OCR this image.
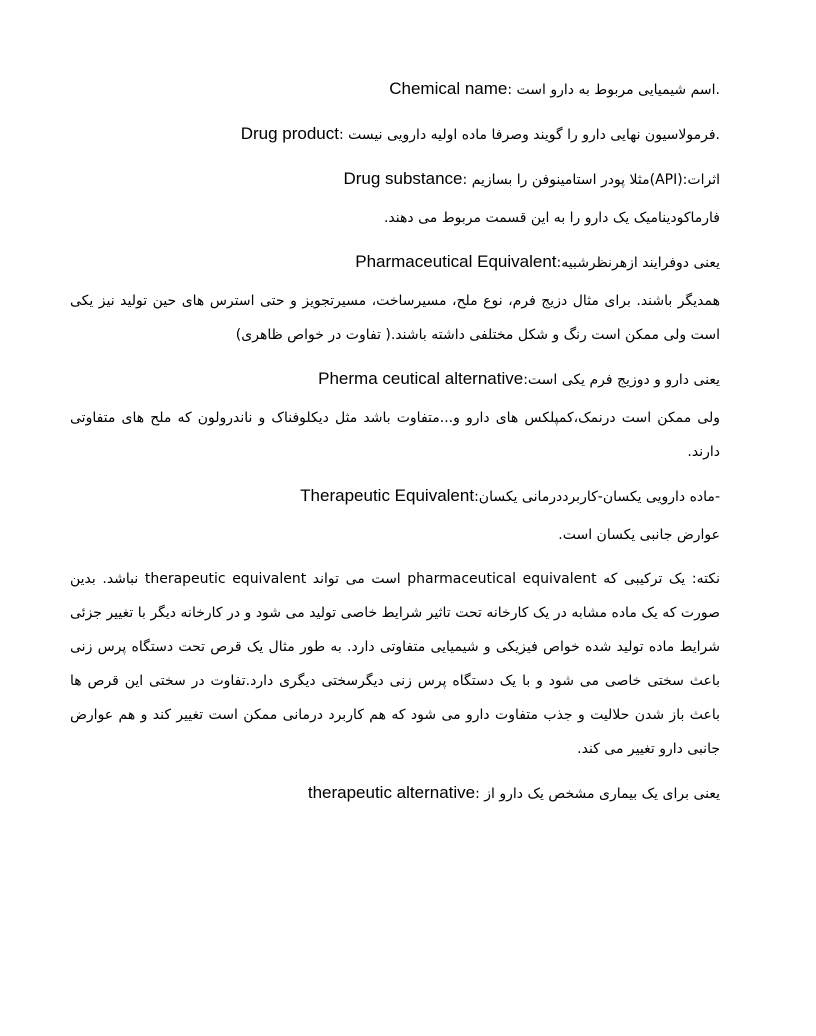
Chemical name: اسم شیمیایی مربوط به دارو است.

Drug product: فرمولاسیون نهایی دارو را گویند وصرفا ماده اولیه دارویی نیست.

Drug substance: مثلا پودر استامینوفن را بسازیم(API):اثرات

فارماکودینامیک یک دارو را به این قسمت مربوط می دهند.

Pharmaceutical Equivalent:یعنی دوفرایند ازهرنظرشبیه

همدیگر باشند. برای مثال دزیج فرم، نوع ملح، مسیرساخت، مسیرتجویز و حتی استرس های حین تولید نیز یکی است ولی ممکن است رنگ و شکل مختلفی داشته باشند.( تفاوت در خواص ظاهری)

Pherma ceutical alternative:یعنی دارو و دوزیج فرم یکی است

ولی ممکن است درنمک،کمپلکس های دارو و...متفاوت باشد مثل دیکلوفناک و ناندرولون که ملح های متفاوتی دارند.

Therapeutic Equivalent:ماده دارویی یکسان-کاربرددرمانی یکسان-

عوارض جانبی یکسان است.

نکته: یک ترکیبی که pharmaceutical equivalent است می تواند therapeutic equivalent نباشد. بدین صورت که یک ماده مشابه در یک کارخانه تحت تاثیر شرایط خاصی تولید می شود و در کارخانه دیگر با تغییر جزئی شرایط ماده تولید شده خواص فیزیکی و شیمیایی متفاوتی دارد. به طور مثال یک قرص تحت دستگاه پرس زنی باعث سختی خاصی می شود و با یک دستگاه پرس زنی دیگرسختی دیگری دارد.تفاوت در سختی این قرص ها باعث باز شدن حلالیت و جذب متفاوت دارو می شود که هم کاربرد درمانی ممکن است تغییر کند و هم عوارض جانبی دارو تغییر می کند.

therapeutic alternative: یعنی برای یک بیماری مشخص یک دارو از
